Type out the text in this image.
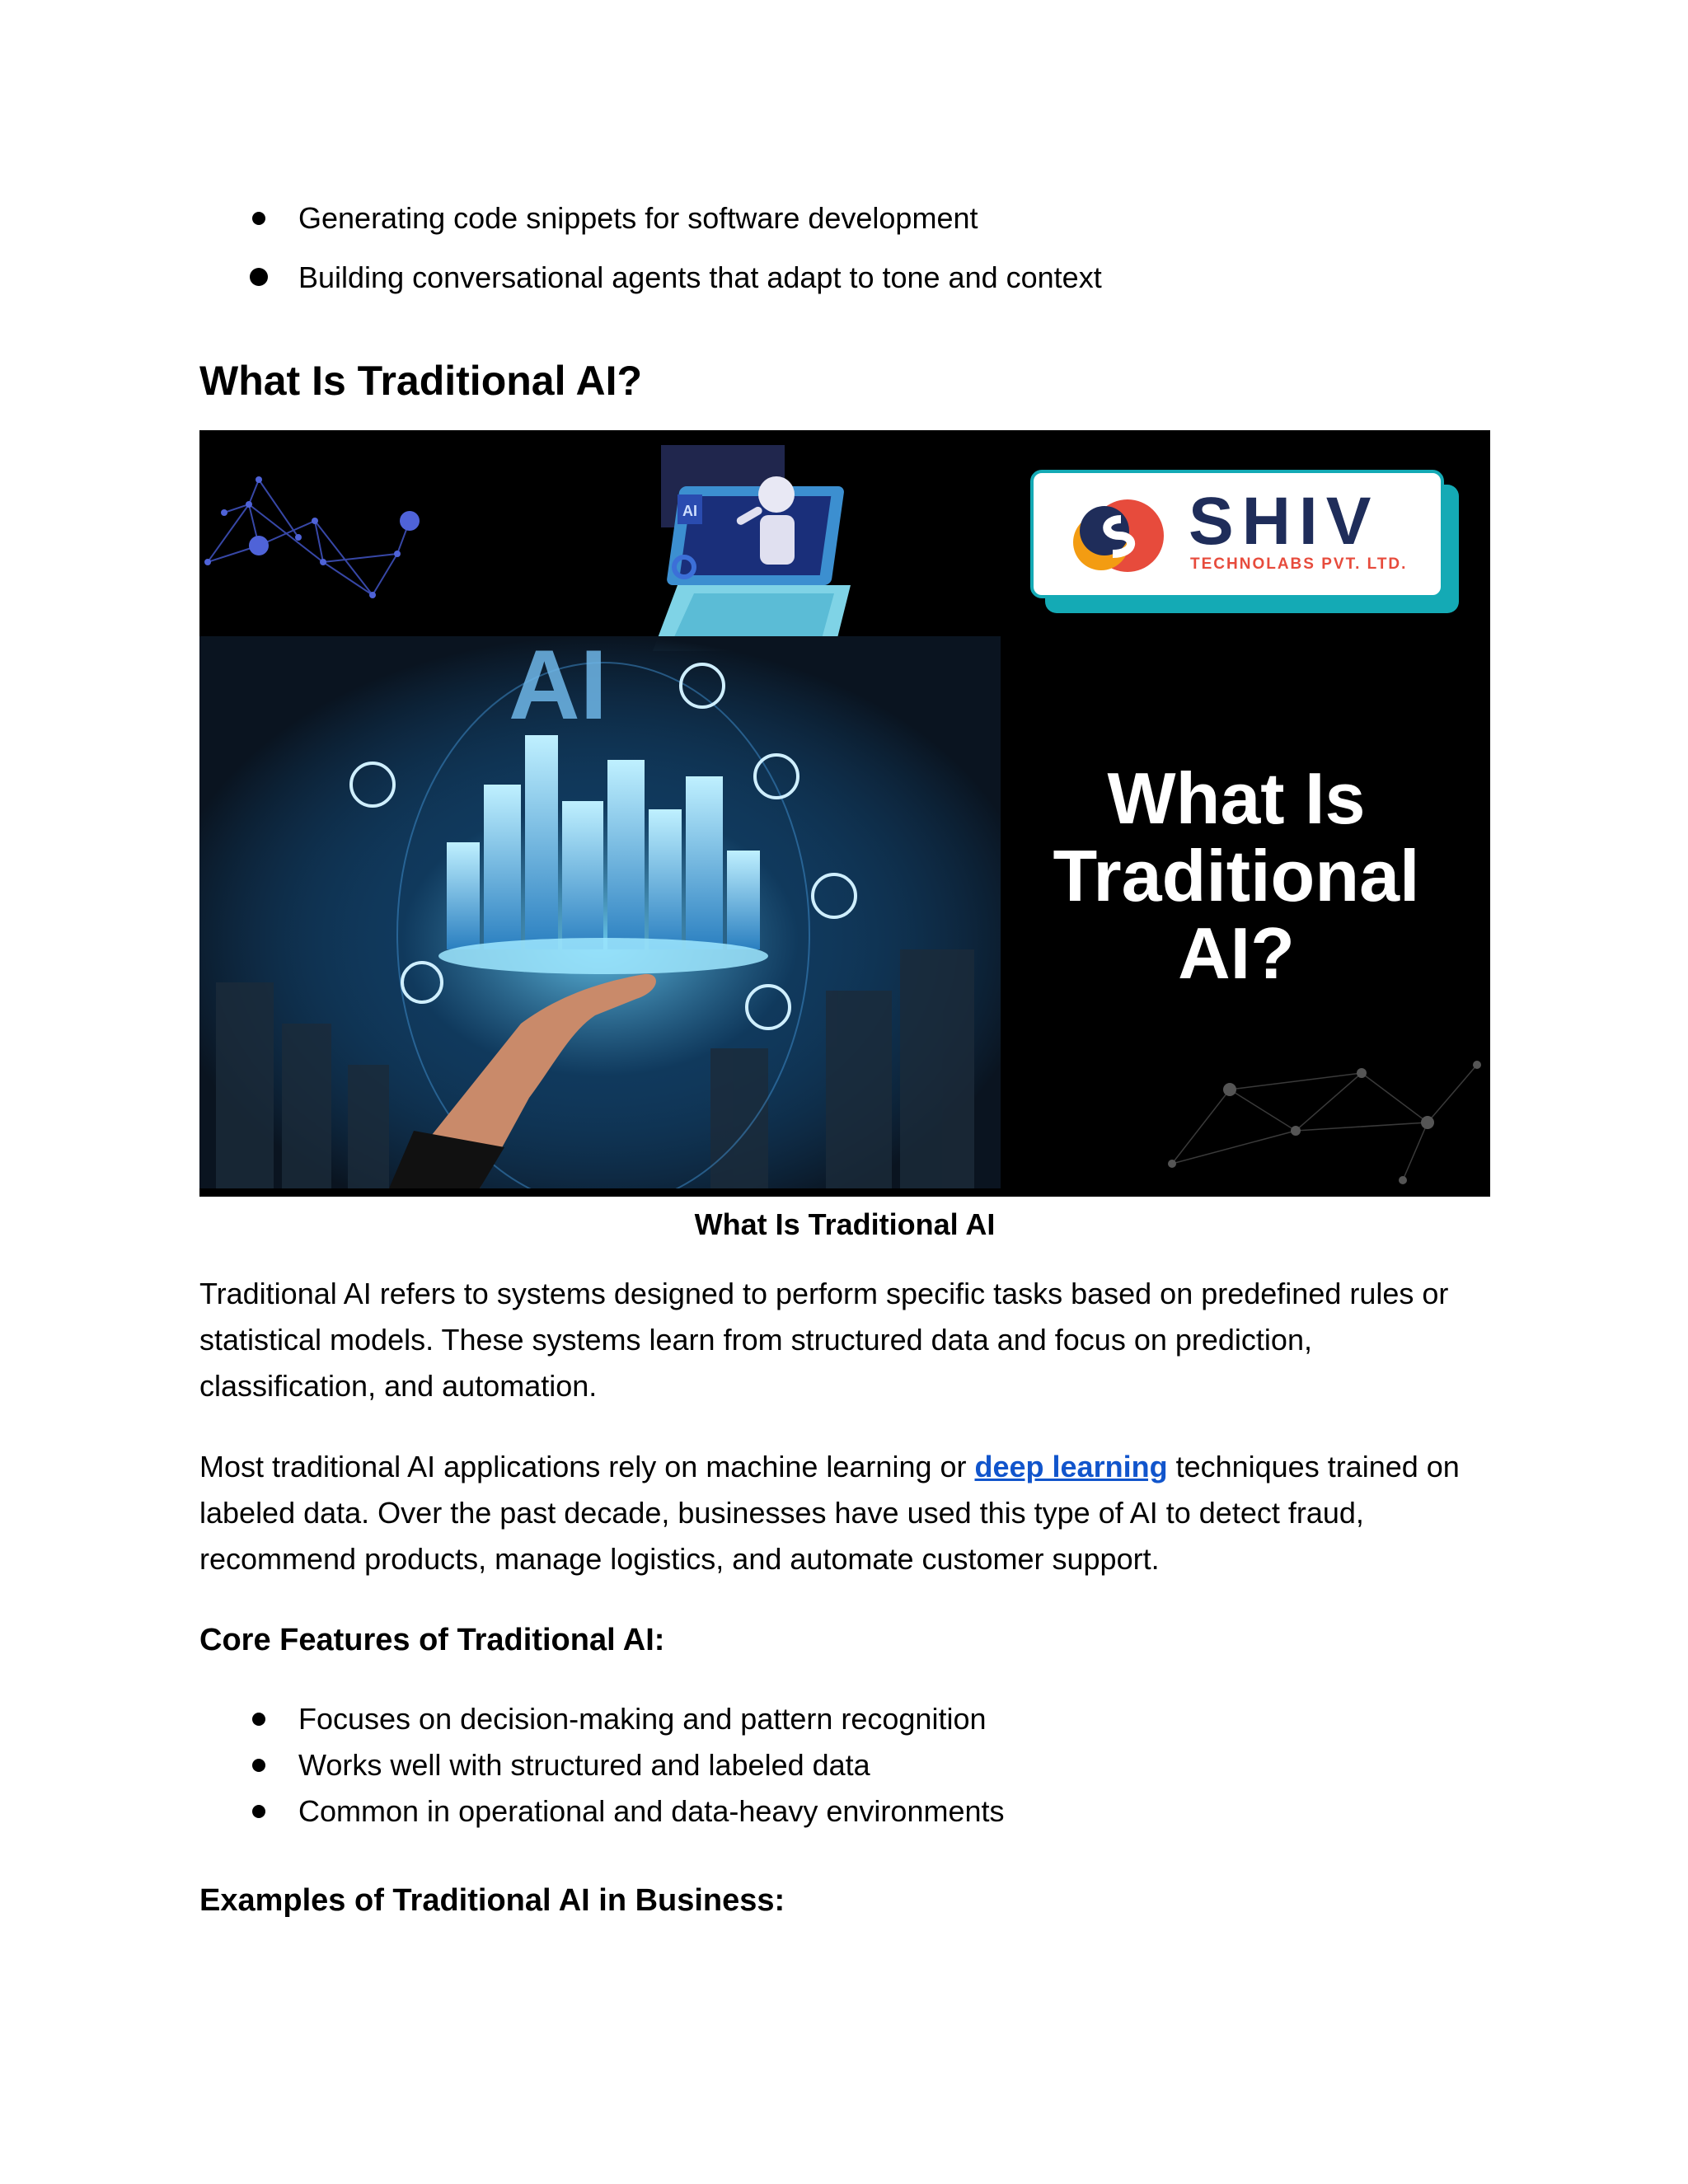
Generating code snippets for software development
Building conversational agents that adapt to tone and context
What Is Traditional AI?
AI	SHIV
TECHNOLABS PVT. LTD.
AI
What Is
Traditional
AI?
What Is Traditional AI

Traditional AI refers to systems designed to perform specific tasks based on predefined rules or statistical models. These systems learn from structured data and focus on prediction, classification, and automation.

Most traditional AI applications rely on machine learning or deep learning techniques trained on labeled data. Over the past decade, businesses have used this type of AI to detect fraud, recommend products, manage logistics, and automate customer support.

Core Features of Traditional AI:
Focuses on decision-making and pattern recognition
Works well with structured and labeled data
Common in operational and data-heavy environments
Examples of Traditional AI in Business:
